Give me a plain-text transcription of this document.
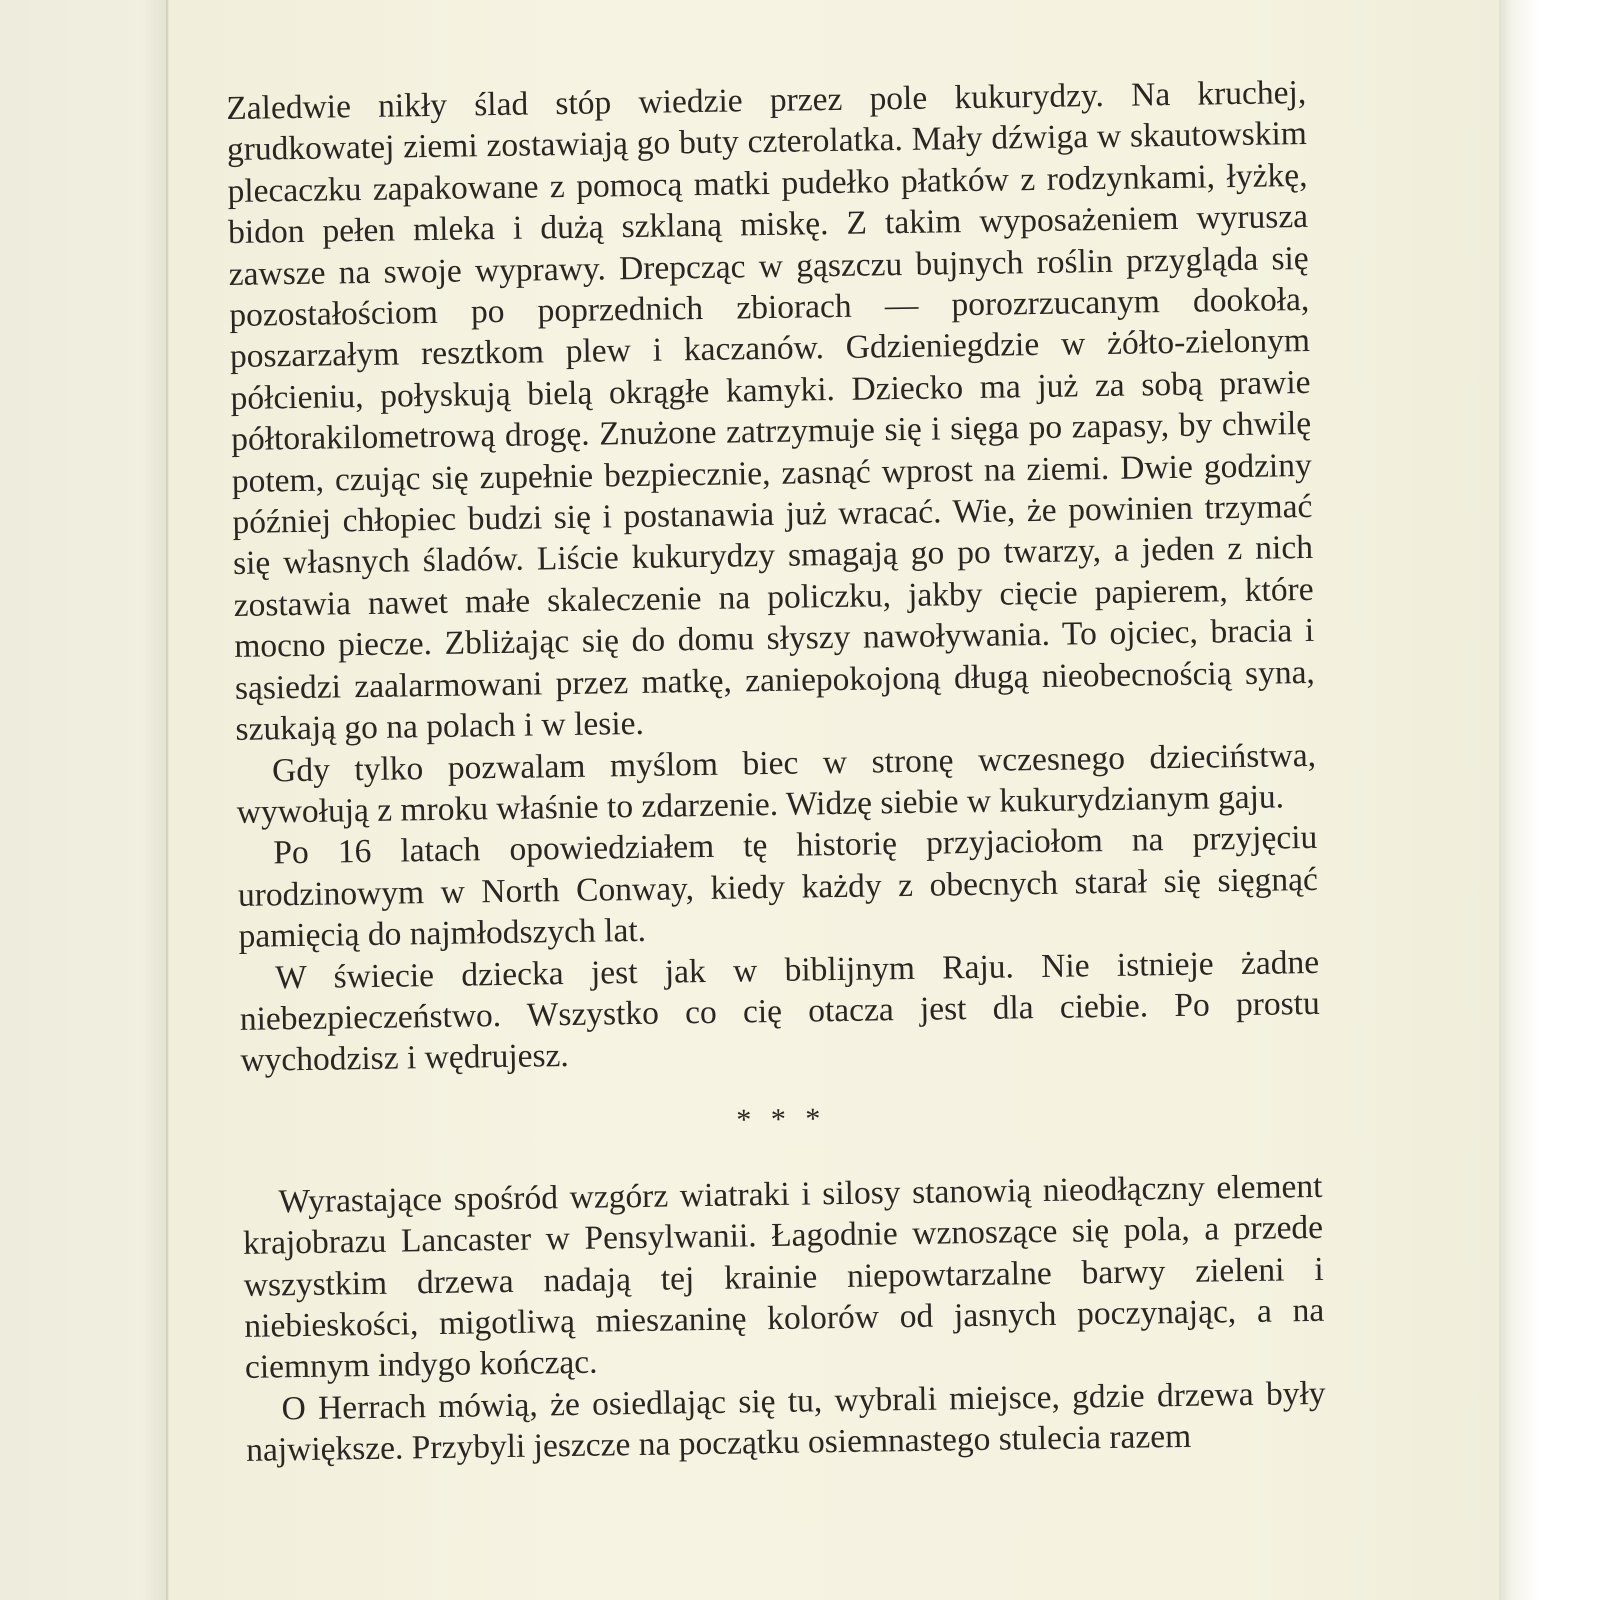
Zaledwie nikły ślad stóp wiedzie przez pole kukurydzy. Na kruchej, grudkowatej ziemi zostawiają go buty czterolatka. Mały dźwiga w skautowskim plecaczku zapakowane z pomocą matki pudełko płatków z rodzynkami, łyżkę, bidon pełen mleka i dużą szklaną miskę. Z takim wyposażeniem wyrusza zawsze na swoje wyprawy. Drepcząc w gąszczu bujnych roślin przygląda się pozostałościom po poprzednich zbiorach — porozrzucanym dookoła, poszarzałym resztkom plew i kaczanów. Gdzieniegdzie w żółto-zielonym półcieniu, połyskują bielą okrągłe kamyki. Dziecko ma już za sobą prawie półtorakilometrową drogę. Znużone zatrzymuje się i sięga po zapasy, by chwilę potem, czując się zupełnie bezpiecznie, zasnąć wprost na ziemi. Dwie godziny później chłopiec budzi się i postanawia już wracać. Wie, że powinien trzymać się własnych śladów. Liście kukurydzy smagają go po twarzy, a jeden z nich zostawia nawet małe skaleczenie na policzku, jakby cięcie papierem, które mocno piecze. Zbliżając się do domu słyszy nawoływania. To ojciec, bracia i sąsiedzi zaalarmowani przez matkę, zaniepokojoną długą nieobecnością syna, szukają go na polach i w lesie.

Gdy tylko pozwalam myślom biec w stronę wczesnego dzieciństwa, wywołują z mroku właśnie to zdarzenie. Widzę siebie w kukurydzianym gaju.

Po 16 latach opowiedziałem tę historię przyjaciołom na przyjęciu urodzinowym w North Conway, kiedy każdy z obecnych starał się sięgnąć pamięcią do najmłodszych lat.

W świecie dziecka jest jak w biblijnym Raju. Nie istnieje żadne niebezpieczeństwo. Wszystko co cię otacza jest dla ciebie. Po prostu wychodzisz i wędrujesz.

* * *

Wyrastające spośród wzgórz wiatraki i silosy stanowią nieodłączny element krajobrazu Lancaster w Pensylwanii. Łagodnie wznoszące się pola, a przede wszystkim drzewa nadają tej krainie niepowtarzalne barwy zieleni i niebieskości, migotliwą mieszaninę kolorów od jasnych poczynając, a na ciemnym indygo kończąc.

O Herrach mówią, że osiedlając się tu, wybrali miejsce, gdzie drzewa były największe. Przybyli jeszcze na początku osiemnastego stulecia razem
